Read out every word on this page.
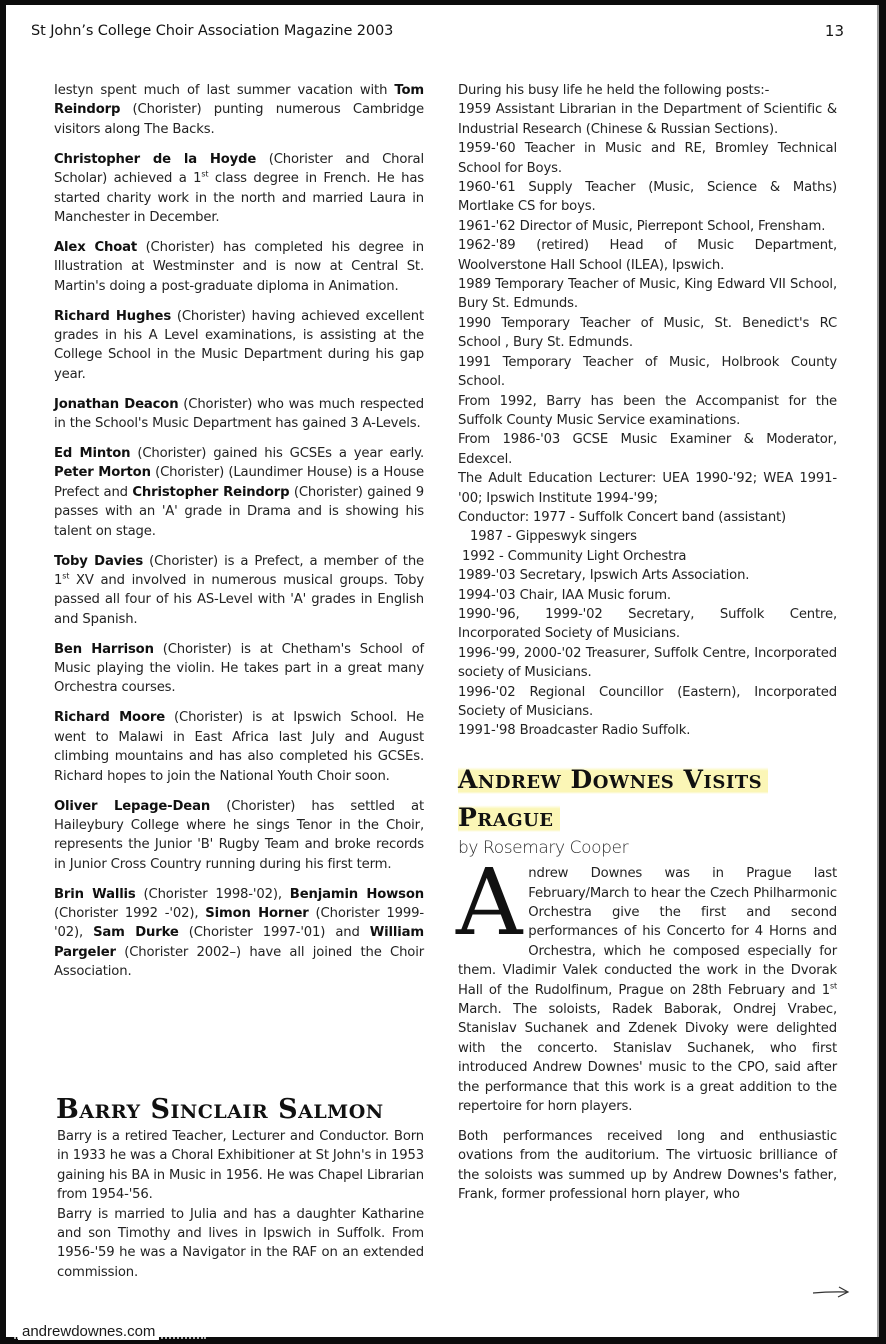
St John’s College Choir Association Magazine 2003	13

Iestyn spent much of last summer vacation with Tom Reindorp (Chorister) punting numerous Cambridge visitors along The Backs.

Christopher de la Hoyde (Chorister and Choral Scholar) achieved a 1st class degree in French. He has started charity work in the north and married Laura in Manchester in December.

Alex Choat (Chorister) has completed his degree in Illustration at Westminster and is now at Central St. Martin's doing a post-graduate diploma in Animation.

Richard Hughes (Chorister) having achieved excellent grades in his A Level examinations, is assisting at the College School in the Music Department during his gap year.

Jonathan Deacon (Chorister) who was much respected in the School's Music Department has gained 3 A-Levels.

Ed Minton (Chorister) gained his GCSEs a year early. Peter Morton (Chorister) (Laundimer House) is a House Prefect and Christopher Reindorp (Chorister) gained 9 passes with an 'A' grade in Drama and is showing his talent on stage.

Toby Davies (Chorister) is a Prefect, a member of the 1st XV and involved in numerous musical groups. Toby passed all four of his AS-Level with 'A' grades in English and Spanish.

Ben Harrison (Chorister) is at Chetham's School of Music playing the violin. He takes part in a great many Orchestra courses.

Richard Moore (Chorister) is at Ipswich School. He went to Malawi in East Africa last July and August climbing mountains and has also completed his GCSEs. Richard hopes to join the National Youth Choir soon.

Oliver Lepage-Dean (Chorister) has settled at Haileybury College where he sings Tenor in the Choir, represents the Junior 'B' Rugby Team and broke records in Junior Cross Country running during his first term.

Brin Wallis (Chorister 1998-'02), Benjamin Howson (Chorister 1992 -'02), Simon Horner (Chorister 1999-'02), Sam Durke (Chorister 1997-'01) and William Pargeler (Chorister 2002–) have all joined the Choir Association.

Barry Sinclair Salmon

Barry is a retired Teacher, Lecturer and Conductor. Born in 1933 he was a Choral Exhibitioner at St John's in 1953 gaining his BA in Music in 1956. He was Chapel Librarian from 1954-'56.

Barry is married to Julia and has a daughter Katharine and son Timothy and lives in Ipswich in Suffolk. From 1956-'59 he was a Navigator in the RAF on an extended commission.

During his busy life he held the following posts:-
1959 Assistant Librarian in the Department of Scientific & Industrial Research (Chinese & Russian Sections).
1959-'60 Teacher in Music and RE, Bromley Technical School for Boys.
1960-'61 Supply Teacher (Music, Science & Maths) Mortlake CS for boys.
1961-'62 Director of Music, Pierrepont School, Frensham.
1962-'89 (retired) Head of Music Department, Woolverstone Hall School (ILEA), Ipswich.
1989 Temporary Teacher of Music, King Edward VII School, Bury St. Edmunds.
1990 Temporary Teacher of Music, St. Benedict's RC School , Bury St. Edmunds.
1991 Temporary Teacher of Music, Holbrook County School.
From 1992, Barry has been the Accompanist for the Suffolk County Music Service examinations.
From 1986-'03 GCSE Music Examiner & Moderator, Edexcel.
The Adult Education Lecturer: UEA 1990-'92; WEA 1991-'00; Ipswich Institute 1994-'99;
Conductor: 1977 - Suffolk Concert band (assistant)
1987 - Gippeswyk singers
1992 - Community Light Orchestra
1989-'03 Secretary, Ipswich Arts Association.
1994-'03 Chair, IAA Music forum.
1990-'96, 1999-'02 Secretary, Suffolk Centre, Incorporated Society of Musicians.
1996-'99, 2000-'02 Treasurer, Suffolk Centre, Incorporated society of Musicians.
1996-'02 Regional Councillor (Eastern), Incorporated Society of Musicians.
1991-'98 Broadcaster Radio Suffolk.
Andrew Downes Visits
Prague
by Rosemary Cooper

Andrew Downes was in Prague last February/March to hear the Czech Philharmonic Orchestra give the first and second performances of his Concerto for 4 Horns and Orchestra, which he composed especially for them. Vladimir Valek conducted the work in the Dvorak Hall of the Rudolfinum, Prague on 28th February and 1st March. The soloists, Radek Baborak, Ondrej Vrabec, Stanislav Suchanek and Zdenek Divoky were delighted with the concerto. Stanislav Suchanek, who first introduced Andrew Downes' music to the CPO, said after the performance that this work is a great addition to the repertoire for horn players.

Both performances received long and enthusiastic ovations from the auditorium. The virtuosic brilliance of the soloists was summed up by Andrew Downes's father, Frank, former professional horn player, who

andrewdownes.com
